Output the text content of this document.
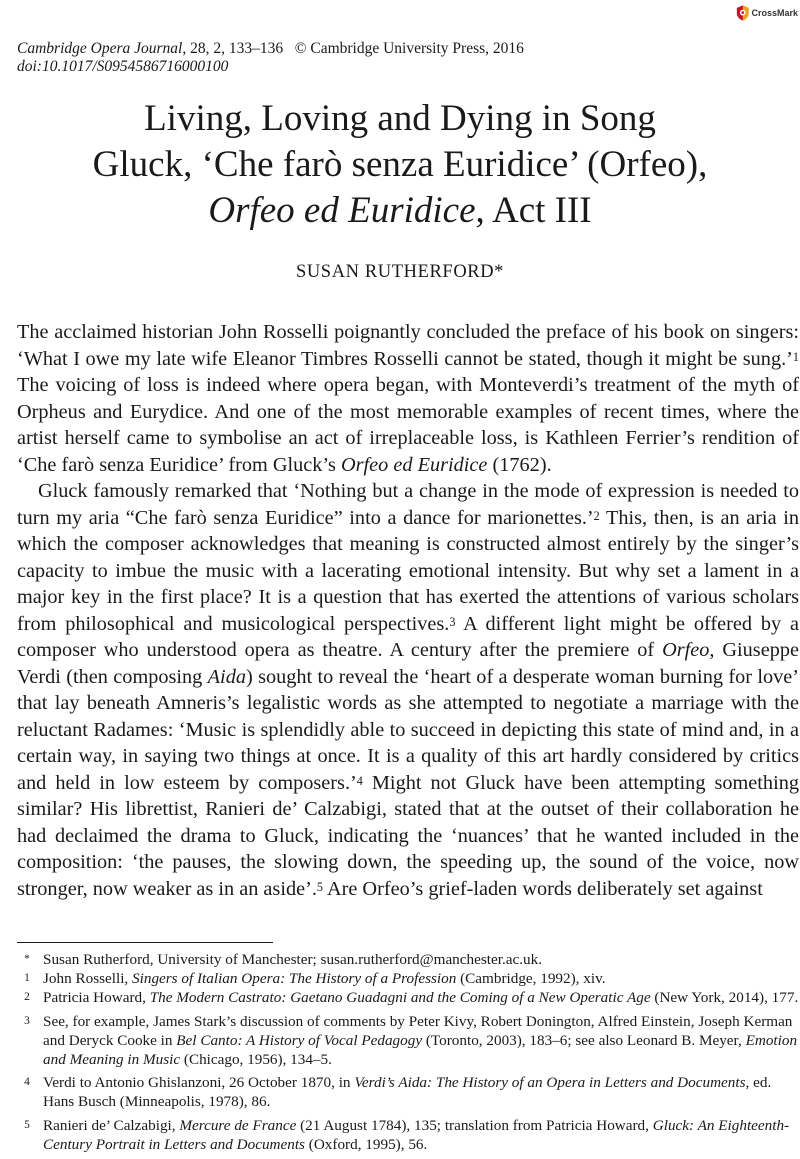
CrossMark
Cambridge Opera Journal, 28, 2, 133–136 © Cambridge University Press, 2016
doi:10.1017/S0954586716000100
Living, Loving and Dying in Song
Gluck, ‘Che farò senza Euridice’ (Orfeo),
Orfeo ed Euridice, Act III
SUSAN RUTHERFORD*

The acclaimed historian John Rosselli poignantly concluded the preface of his book on singers: ‘What I owe my late wife Eleanor Timbres Rosselli cannot be stated, though it might be sung.’$^1$ The voicing of loss is indeed where opera began, with Monteverdi’s treatment of the myth of Orpheus and Eurydice. And one of the most memorable examples of recent times, where the artist herself came to symbolise an act of irreplaceable loss, is Kathleen Ferrier’s rendition of ‘Che farò senza Euridice’ from Gluck’s Orfeo ed Euridice (1762).

Gluck famously remarked that ‘Nothing but a change in the mode of expression is needed to turn my aria “Che farò senza Euridice” into a dance for marionettes.’$^2$ This, then, is an aria in which the composer acknowledges that meaning is constructed almost entirely by the singer’s capacity to imbue the music with a lacerating emotional intensity. But why set a lament in a major key in the first place? It is a question that has exerted the attentions of various scholars from philosophical and musicological perspectives.$^3$ A different light might be offered by a composer who understood opera as theatre. A century after the premiere of Orfeo, Giuseppe Verdi (then composing Aida) sought to reveal the ‘heart of a desperate woman burning for love’ that lay beneath Amneris’s legalistic words as she attempted to negotiate a marriage with the reluctant Radames: ‘Music is splendidly able to succeed in depicting this state of mind and, in a certain way, in saying two things at once. It is a quality of this art hardly considered by critics and held in low esteem by composers.’$^4$ Might not Gluck have been attempting something similar? His librettist, Ranieri de’ Calzabigi, stated that at the outset of their collaboration he had declaimed the drama to Gluck, indicating the ‘nuances’ that he wanted included in the composition: ‘the pauses, the slowing down, the speeding up, the sound of the voice, now stronger, now weaker as in an aside’.$^5$ Are Orfeo’s grief-laden words deliberately set against

* Susan Rutherford, University of Manchester; susan.rutherford@manchester.ac.uk.

1 John Rosselli, Singers of Italian Opera: The History of a Profession (Cambridge, 1992), xiv.

2 Patricia Howard, The Modern Castrato: Gaetano Guadagni and the Coming of a New Operatic Age (New York, 2014), 177.

3 See, for example, James Stark’s discussion of comments by Peter Kivy, Robert Donington, Alfred Einstein, Joseph Kerman and Deryck Cooke in Bel Canto: A History of Vocal Pedagogy (Toronto, 2003), 183–6; see also Leonard B. Meyer, Emotion and Meaning in Music (Chicago, 1956), 134–5.

4 Verdi to Antonio Ghislanzoni, 26 October 1870, in Verdi’s Aida: The History of an Opera in Letters and Documents, ed. Hans Busch (Minneapolis, 1978), 86.

5 Ranieri de’ Calzabigi, Mercure de France (21 August 1784), 135; translation from Patricia Howard, Gluck: An Eighteenth-Century Portrait in Letters and Documents (Oxford, 1995), 56.
